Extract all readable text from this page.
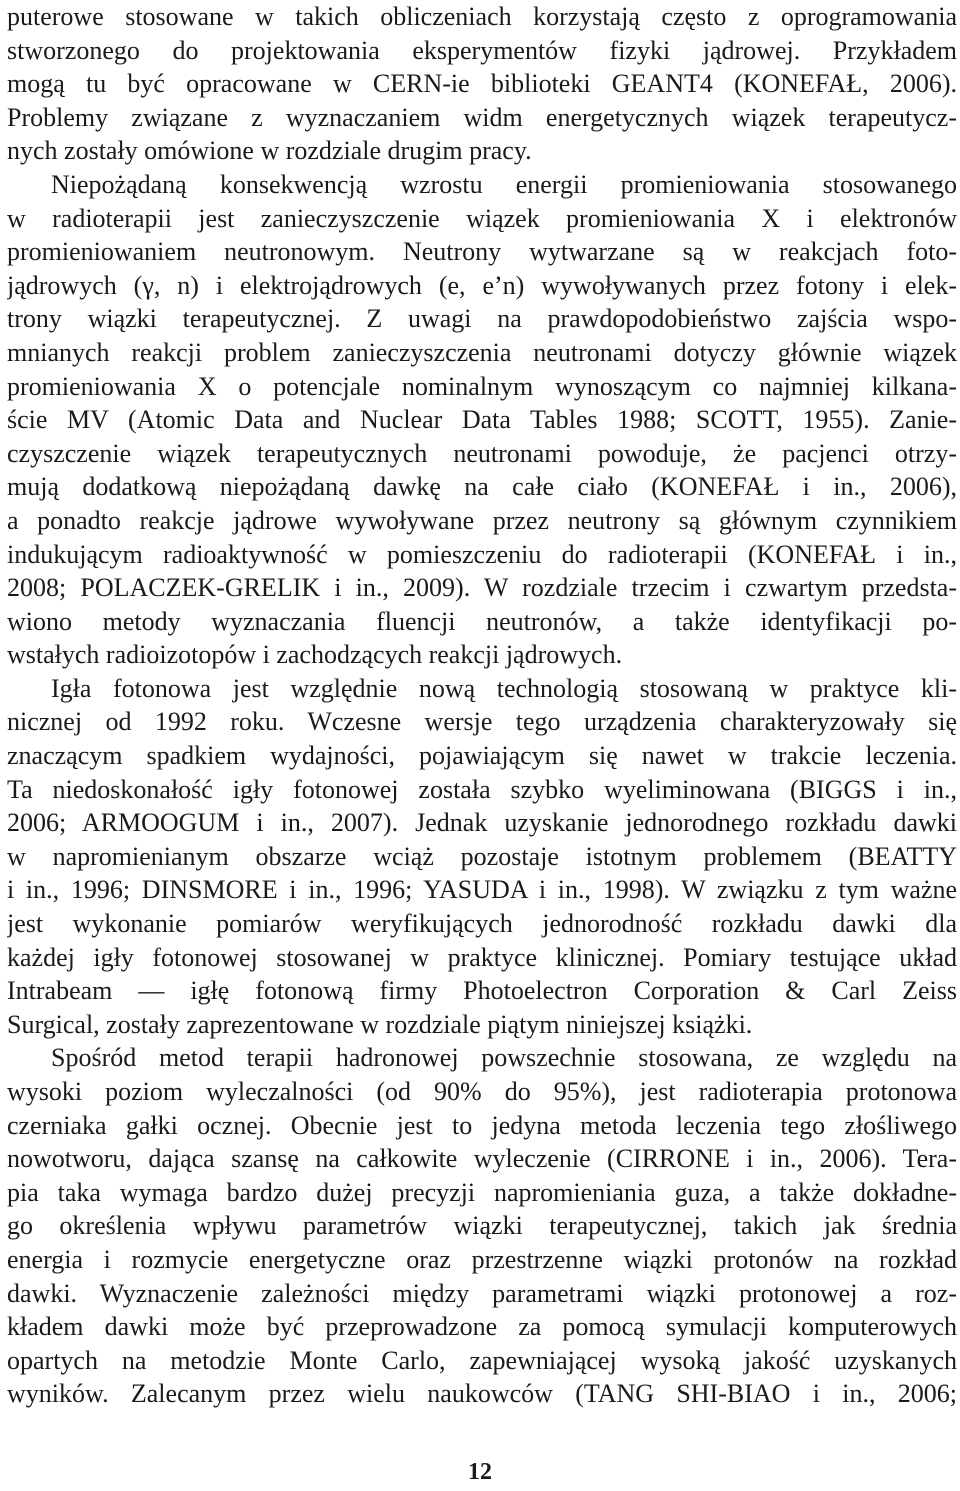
puterowe stosowane w takich obliczeniach korzystają często z oprogramowania
stworzonego do projektowania eksperymentów fizyki jądrowej. Przykładem
mogą tu być opracowane w CERN-ie biblioteki GEANT4 (KONEFAŁ, 2006).
Problemy związane z wyznaczaniem widm energetycznych wiązek terapeutycz-
nych zostały omówione w rozdziale drugim pracy.
Niepożądaną konsekwencją wzrostu energii promieniowania stosowanego
w radioterapii jest zanieczyszczenie wiązek promieniowania X i elektronów
promieniowaniem neutronowym. Neutrony wytwarzane są w reakcjach foto-
jądrowych (γ, n) i elektrojądrowych (e, e’n) wywoływanych przez fotony i elek-
trony wiązki terapeutycznej. Z uwagi na prawdopodobieństwo zajścia wspo-
mnianych reakcji problem zanieczyszczenia neutronami dotyczy głównie wiązek
promieniowania X o potencjale nominalnym wynoszącym co najmniej kilkana-
ście MV (Atomic Data and Nuclear Data Tables 1988; SCOTT, 1955). Zanie-
czyszczenie wiązek terapeutycznych neutronami powoduje, że pacjenci otrzy-
mują dodatkową niepożądaną dawkę na całe ciało (KONEFAŁ i in., 2006),
a ponadto reakcje jądrowe wywoływane przez neutrony są głównym czynnikiem
indukującym radioaktywność w pomieszczeniu do radioterapii (KONEFAŁ i in.,
2008; POLACZEK-GRELIK i in., 2009). W rozdziale trzecim i czwartym przedsta-
wiono metody wyznaczania fluencji neutronów, a także identyfikacji po-
wstałych radioizotopów i zachodzących reakcji jądrowych.
Igła fotonowa jest względnie nową technologią stosowaną w praktyce kli-
nicznej od 1992 roku. Wczesne wersje tego urządzenia charakteryzowały się
znaczącym spadkiem wydajności, pojawiającym się nawet w trakcie leczenia.
Ta niedoskonałość igły fotonowej została szybko wyeliminowana (BIGGS i in.,
2006; ARMOOGUM i in., 2007). Jednak uzyskanie jednorodnego rozkładu dawki
w napromienianym obszarze wciąż pozostaje istotnym problemem (BEATTY
i in., 1996; DINSMORE i in., 1996; YASUDA i in., 1998). W związku z tym ważne
jest wykonanie pomiarów weryfikujących jednorodność rozkładu dawki dla
każdej igły fotonowej stosowanej w praktyce klinicznej. Pomiary testujące układ
Intrabeam — igłę fotonową firmy Photoelectron Corporation & Carl Zeiss
Surgical, zostały zaprezentowane w rozdziale piątym niniejszej książki.
Spośród metod terapii hadronowej powszechnie stosowana, ze względu na
wysoki poziom wyleczalności (od 90% do 95%), jest radioterapia protonowa
czerniaka gałki ocznej. Obecnie jest to jedyna metoda leczenia tego złośliwego
nowotworu, dająca szansę na całkowite wyleczenie (CIRRONE i in., 2006). Tera-
pia taka wymaga bardzo dużej precyzji napromieniania guza, a także dokładne-
go określenia wpływu parametrów wiązki terapeutycznej, takich jak średnia
energia i rozmycie energetyczne oraz przestrzenne wiązki protonów na rozkład
dawki. Wyznaczenie zależności między parametrami wiązki protonowej a roz-
kładem dawki może być przeprowadzone za pomocą symulacji komputerowych
opartych na metodzie Monte Carlo, zapewniającej wysoką jakość uzyskanych
wyników. Zalecanym przez wielu naukowców (TANG SHI-BIAO i in., 2006;
12
